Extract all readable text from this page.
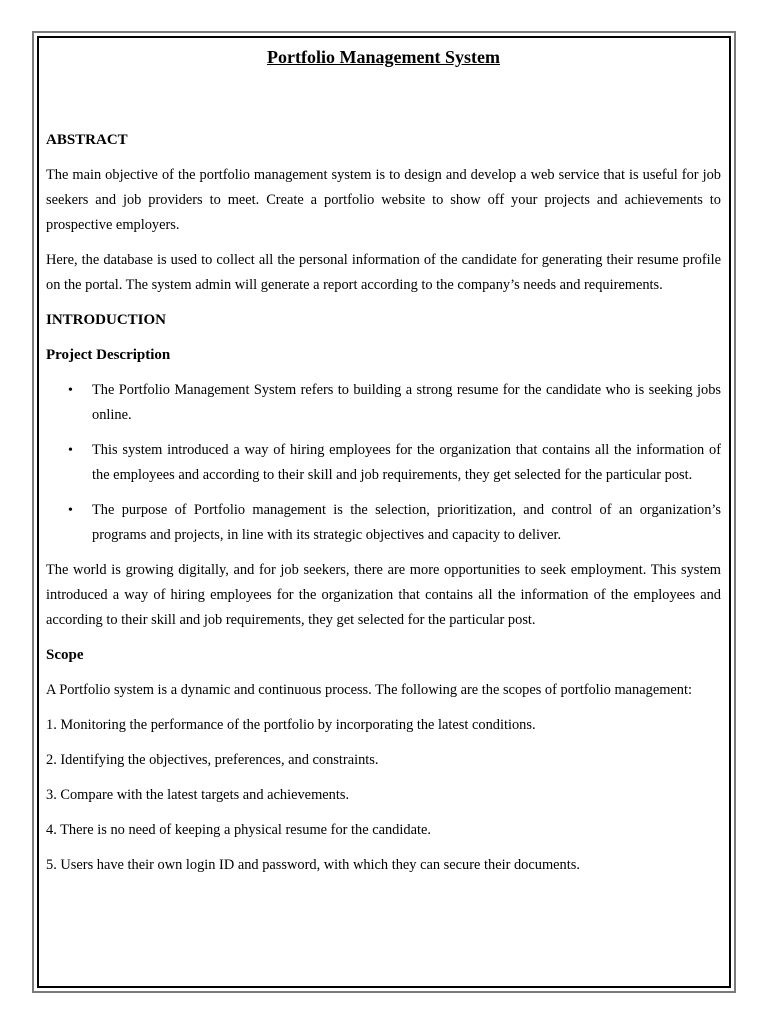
Portfolio Management System
ABSTRACT

The main objective of the portfolio management system is to design and develop a web service that is useful for job seekers and job providers to meet. Create a portfolio website to show off your projects and achievements to prospective employers.

Here, the database is used to collect all the personal information of the candidate for generating their resume profile on the portal. The system admin will generate a report according to the company’s needs and requirements.

INTRODUCTION
Project Description
• The Portfolio Management System refers to building a strong resume for the candidate who is seeking jobs online.
• This system introduced a way of hiring employees for the organization that contains all the information of the employees and according to their skill and job requirements, they get selected for the particular post.
• The purpose of Portfolio management is the selection, prioritization, and control of an organization’s programs and projects, in line with its strategic objectives and capacity to deliver.

The world is growing digitally, and for job seekers, there are more opportunities to seek employment. This system introduced a way of hiring employees for the organization that contains all the information of the employees and according to their skill and job requirements, they get selected for the particular post.

Scope

A Portfolio system is a dynamic and continuous process. The following are the scopes of portfolio management:

1. Monitoring the performance of the portfolio by incorporating the latest conditions.

2. Identifying the objectives, preferences, and constraints.

3. Compare with the latest targets and achievements.

4. There is no need of keeping a physical resume for the candidate.

5. Users have their own login ID and password, with which they can secure their documents.
